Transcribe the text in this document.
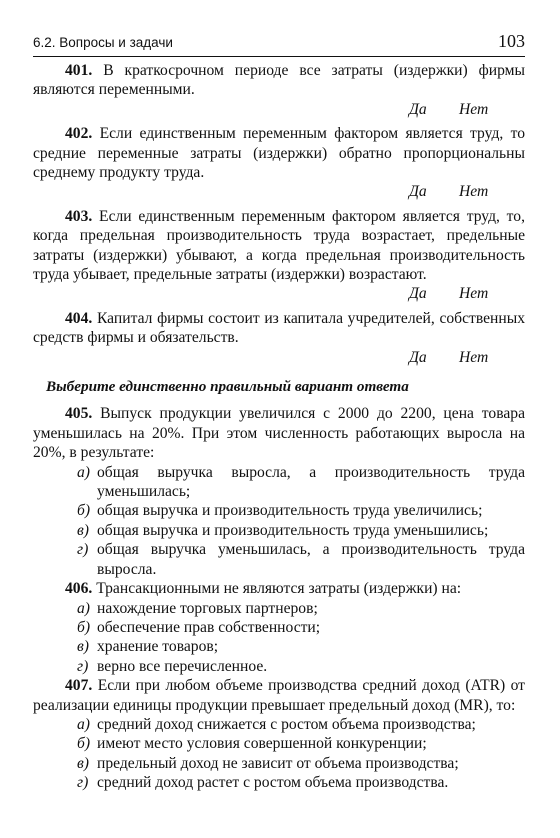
6.2. Вопросы и задачи	103

401. В краткосрочном периоде все затраты (издержки) фирмы являются переменными.

Да Нет

402. Если единственным переменным фактором является труд, то средние переменные затраты (издержки) обратно пропорциональны среднему продукту труда.

Да Нет

403. Если единственным переменным фактором является труд, то, когда предельная производительность труда возрастает, предельные затраты (издержки) убывают, а когда предельная производительность труда убывает, предельные затраты (издержки) возрастают.

Да Нет

404. Капитал фирмы состоит из капитала учредителей, собственных средств фирмы и обязательств.

Да Нет

Выберите единственно правильный вариант ответа

405. Выпуск продукции увеличился с 2000 до 2200, цена товара уменьшилась на 20%. При этом численность работающих выросла на 20%, в результате:

а) общая выручка выросла, а производительность труда уменьшилась;
б) общая выручка и производительность труда увеличились;
в) общая выручка и производительность труда уменьшились;
г) общая выручка уменьшилась, а производительность труда выросла.

406. Трансакционными не являются затраты (издержки) на:

а) нахождение торговых партнеров;
б) обеспечение прав собственности;
в) хранение товаров;
г) верно все перечисленное.

407. Если при любом объеме производства средний доход (ATR) от реализации единицы продукции превышает предельный доход (MR), то:

а) средний доход снижается с ростом объема производства;
б) имеют место условия совершенной конкуренции;
в) предельный доход не зависит от объема производства;
г) средний доход растет с ростом объема производства.
